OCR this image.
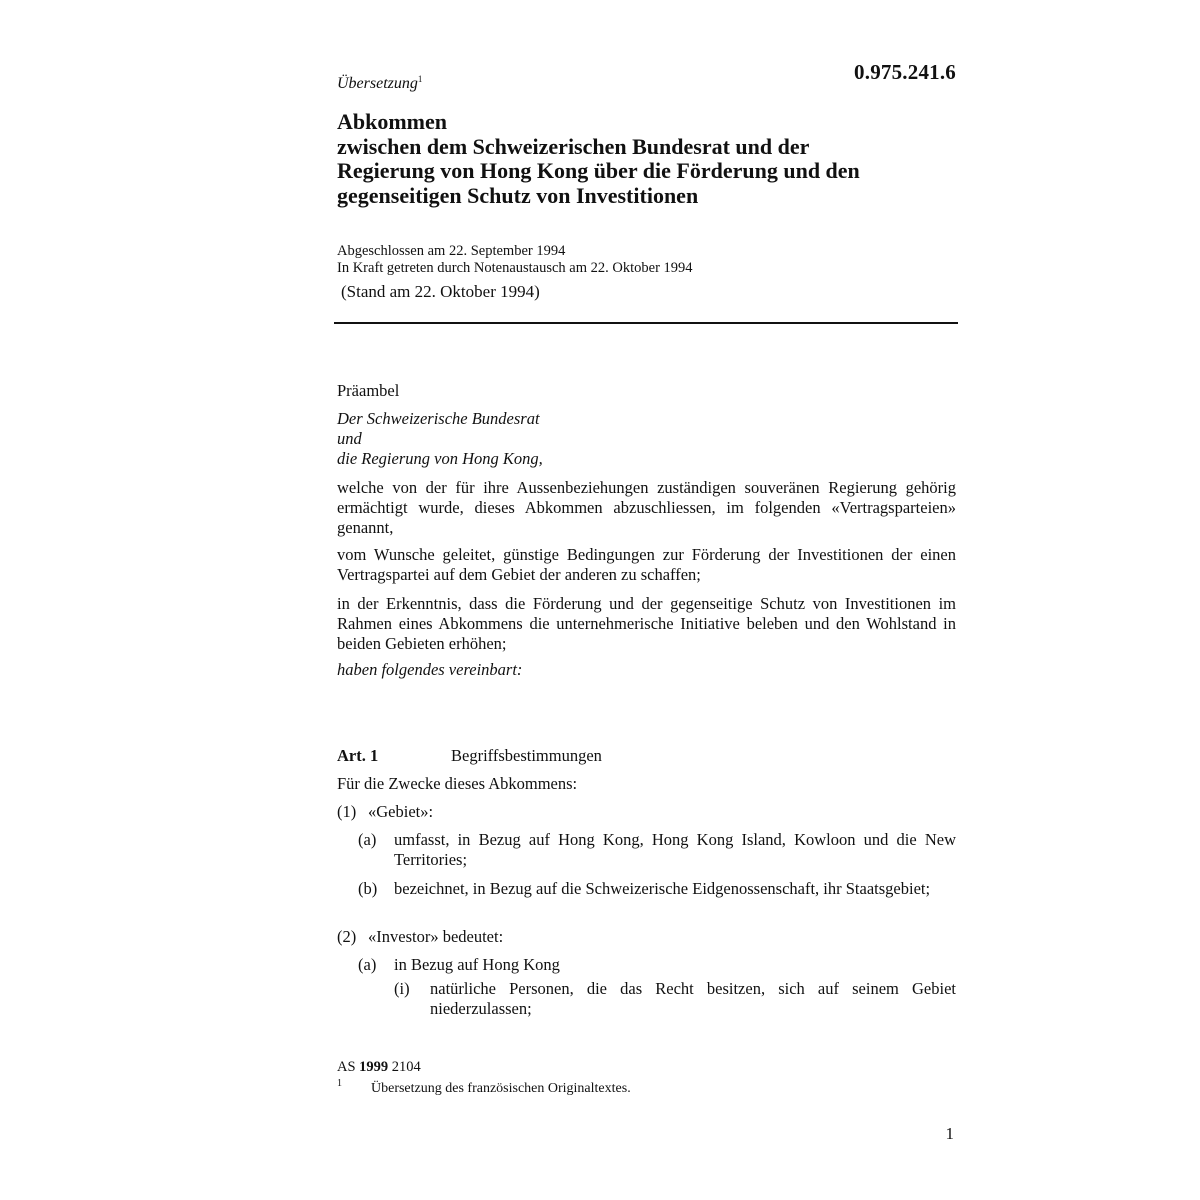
Übersetzung$^1$	0.975.241.6
Abkommen
zwischen dem Schweizerischen Bundesrat und der
Regierung von Hong Kong über die Förderung und den
gegenseitigen Schutz von Investitionen
Abgeschlossen am 22. September 1994
In Kraft getreten durch Notenaustausch am 22. Oktober 1994
(Stand am 22. Oktober 1994)
Präambel
Der Schweizerische Bundesrat
und
die Regierung von Hong Kong,
welche von der für ihre Aussenbeziehungen zuständigen souveränen Regierung gehörig ermächtigt wurde, dieses Abkommen abzuschliessen, im folgenden «Vertragsparteien» genannt,
vom Wunsche geleitet, günstige Bedingungen zur Förderung der Investitionen der einen Vertragspartei auf dem Gebiet der anderen zu schaffen;
in der Erkenntnis, dass die Förderung und der gegenseitige Schutz von Investitionen im Rahmen eines Abkommens die unternehmerische Initiative beleben und den Wohlstand in beiden Gebieten erhöhen;
haben folgendes vereinbart:
Art. 1	Begriffsbestimmungen
Für die Zwecke dieses Abkommens:
(1) «Gebiet»:
(a) umfasst, in Bezug auf Hong Kong, Hong Kong Island, Kowloon und die New Territories;
(b) bezeichnet, in Bezug auf die Schweizerische Eidgenossenschaft, ihr Staatsgebiet;
(2) «Investor» bedeutet:
(a) in Bezug auf Hong Kong
(i) natürliche Personen, die das Recht besitzen, sich auf seinem Gebiet niederzulassen;
AS 1999 2104
1 Übersetzung des französischen Originaltextes.
1
